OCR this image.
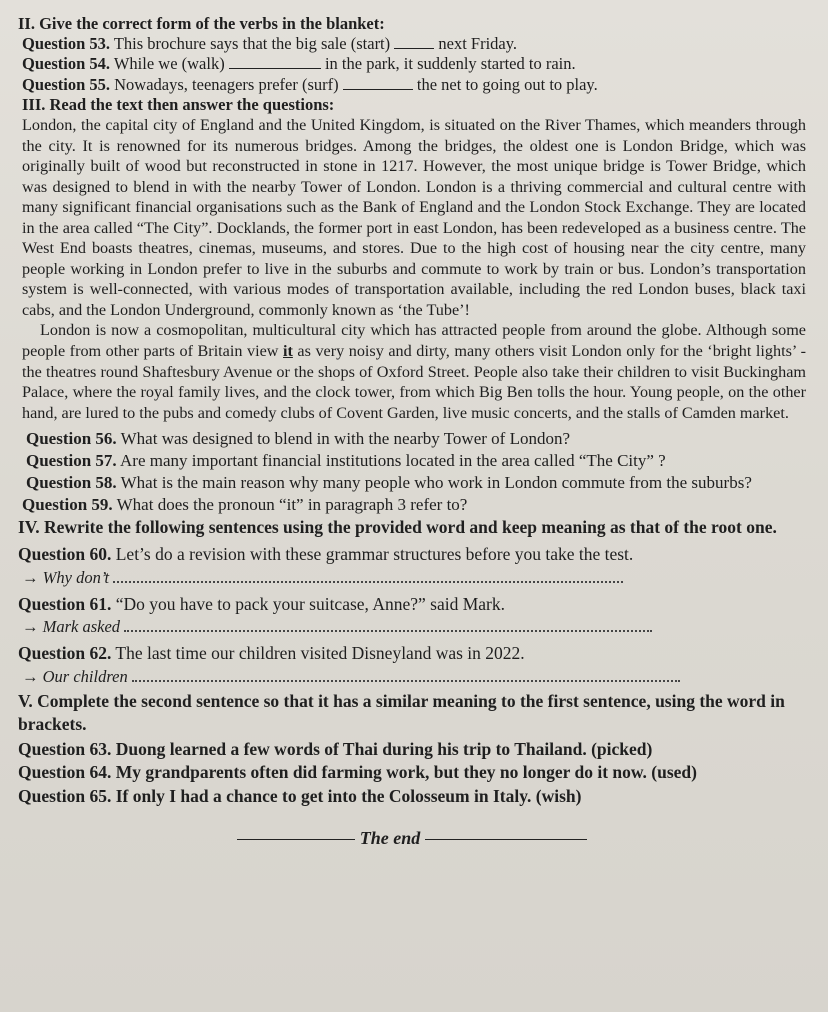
II. Give the correct form of the verbs in the blanket:
Question 53. This brochure says that the big sale (start)	next Friday.
Question 54. While we (walk)	in the park, it suddenly started to rain.
Question 55. Nowadays, teenagers prefer (surf)	the net to going out to play.
III. Read the text then answer the questions:

London, the capital city of England and the United Kingdom, is situated on the River Thames, which meanders through the city. It is renowned for its numerous bridges. Among the bridges, the oldest one is London Bridge, which was originally built of wood but reconstructed in stone in 1217. However, the most unique bridge is Tower Bridge, which was designed to blend in with the nearby Tower of London. London is a thriving commercial and cultural centre with many significant financial organisations such as the Bank of England and the London Stock Exchange. They are located in the area called “The City”. Docklands, the former port in east London, has been redeveloped as a business centre. The West End boasts theatres, cinemas, museums, and stores. Due to the high cost of housing near the city centre, many people working in London prefer to live in the suburbs and commute to work by train or bus. London’s transportation system is well-connected, with various modes of transportation available, including the red London buses, black taxi cabs, and the London Underground, commonly known as ‘the Tube’!

London is now a cosmopolitan, multicultural city which has attracted people from around the globe. Although some people from other parts of Britain view it as very noisy and dirty, many others visit London only for the ‘bright lights’ - the theatres round Shaftesbury Avenue or the shops of Oxford Street. People also take their children to visit Buckingham Palace, where the royal family lives, and the clock tower, from which Big Ben tolls the hour. Young people, on the other hand, are lured to the pubs and comedy clubs of Covent Garden, live music concerts, and the stalls of Camden market.

Question 56. What was designed to blend in with the nearby Tower of London?
Question 57. Are many important financial institutions located in the area called “The City” ?
Question 58. What is the main reason why many people who work in London commute from the suburbs?
Question 59. What does the pronoun “it” in paragraph 3 refer to?
IV. Rewrite the following sentences using the provided word and keep meaning as that of the root one.
Question 60. Let’s do a revision with these grammar structures before you take the test.
→ Why don’t
Question 61. “Do you have to pack your suitcase, Anne?” said Mark.
→ Mark asked
Question 62. The last time our children visited Disneyland was in 2022.
→ Our children
V. Complete the second sentence so that it has a similar meaning to the first sentence, using the word in brackets.
Question 63. Duong learned a few words of Thai during his trip to Thailand. (picked)
Question 64. My grandparents often did farming work, but they no longer do it now. (used)
Question 65. If only I had a chance to get into the Colosseum in Italy. (wish)
The end
